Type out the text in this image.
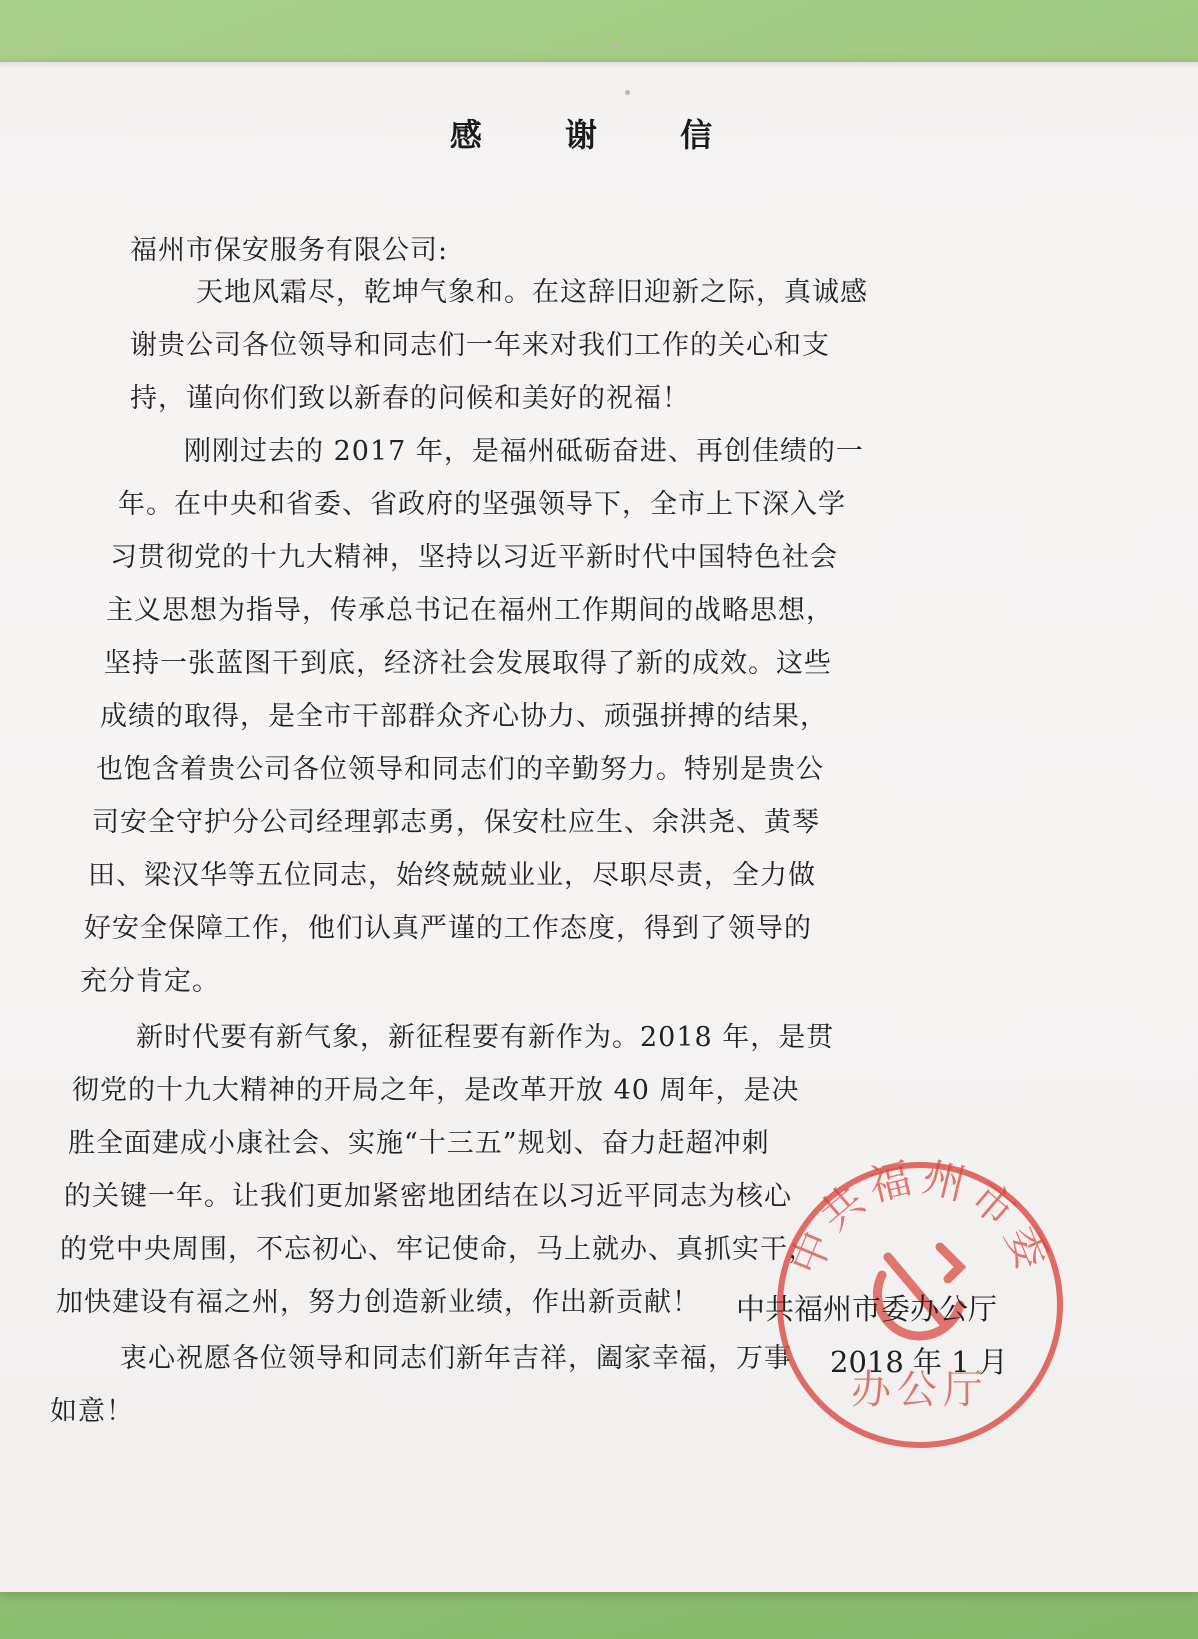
感 谢 信
福州市保安服务有限公司:
天地风霜尽，乾坤气象和。在这辞旧迎新之际，真诚感
谢贵公司各位领导和同志们一年来对我们工作的关心和支
持，谨向你们致以新春的问候和美好的祝福！
刚刚过去的 2017 年，是福州砥砺奋进、再创佳绩的一
年。在中央和省委、省政府的坚强领导下，全市上下深入学
习贯彻党的十九大精神，坚持以习近平新时代中国特色社会
主义思想为指导，传承总书记在福州工作期间的战略思想，
坚持一张蓝图干到底，经济社会发展取得了新的成效。这些
成绩的取得，是全市干部群众齐心协力、顽强拼搏的结果，
也饱含着贵公司各位领导和同志们的辛勤努力。特别是贵公
司安全守护分公司经理郭志勇，保安杜应生、余洪尧、黄琴
田、梁汉华等五位同志，始终兢兢业业，尽职尽责，全力做
好安全保障工作，他们认真严谨的工作态度，得到了领导的
充分肯定。
新时代要有新气象，新征程要有新作为。2018 年，是贯
彻党的十九大精神的开局之年，是改革开放 40 周年，是决
胜全面建成小康社会、实施“十三五”规划、奋力赶超冲刺
的关键一年。让我们更加紧密地团结在以习近平同志为核心
的党中央周围，不忘初心、牢记使命，马上就办、真抓实干，
加快建设有福之州，努力创造新业绩，作出新贡献！
衷心祝愿各位领导和同志们新年吉祥，阖家幸福，万事
如意！
中共福州市委
办公厅
中共福州市委办公厅
2018 年 1 月
